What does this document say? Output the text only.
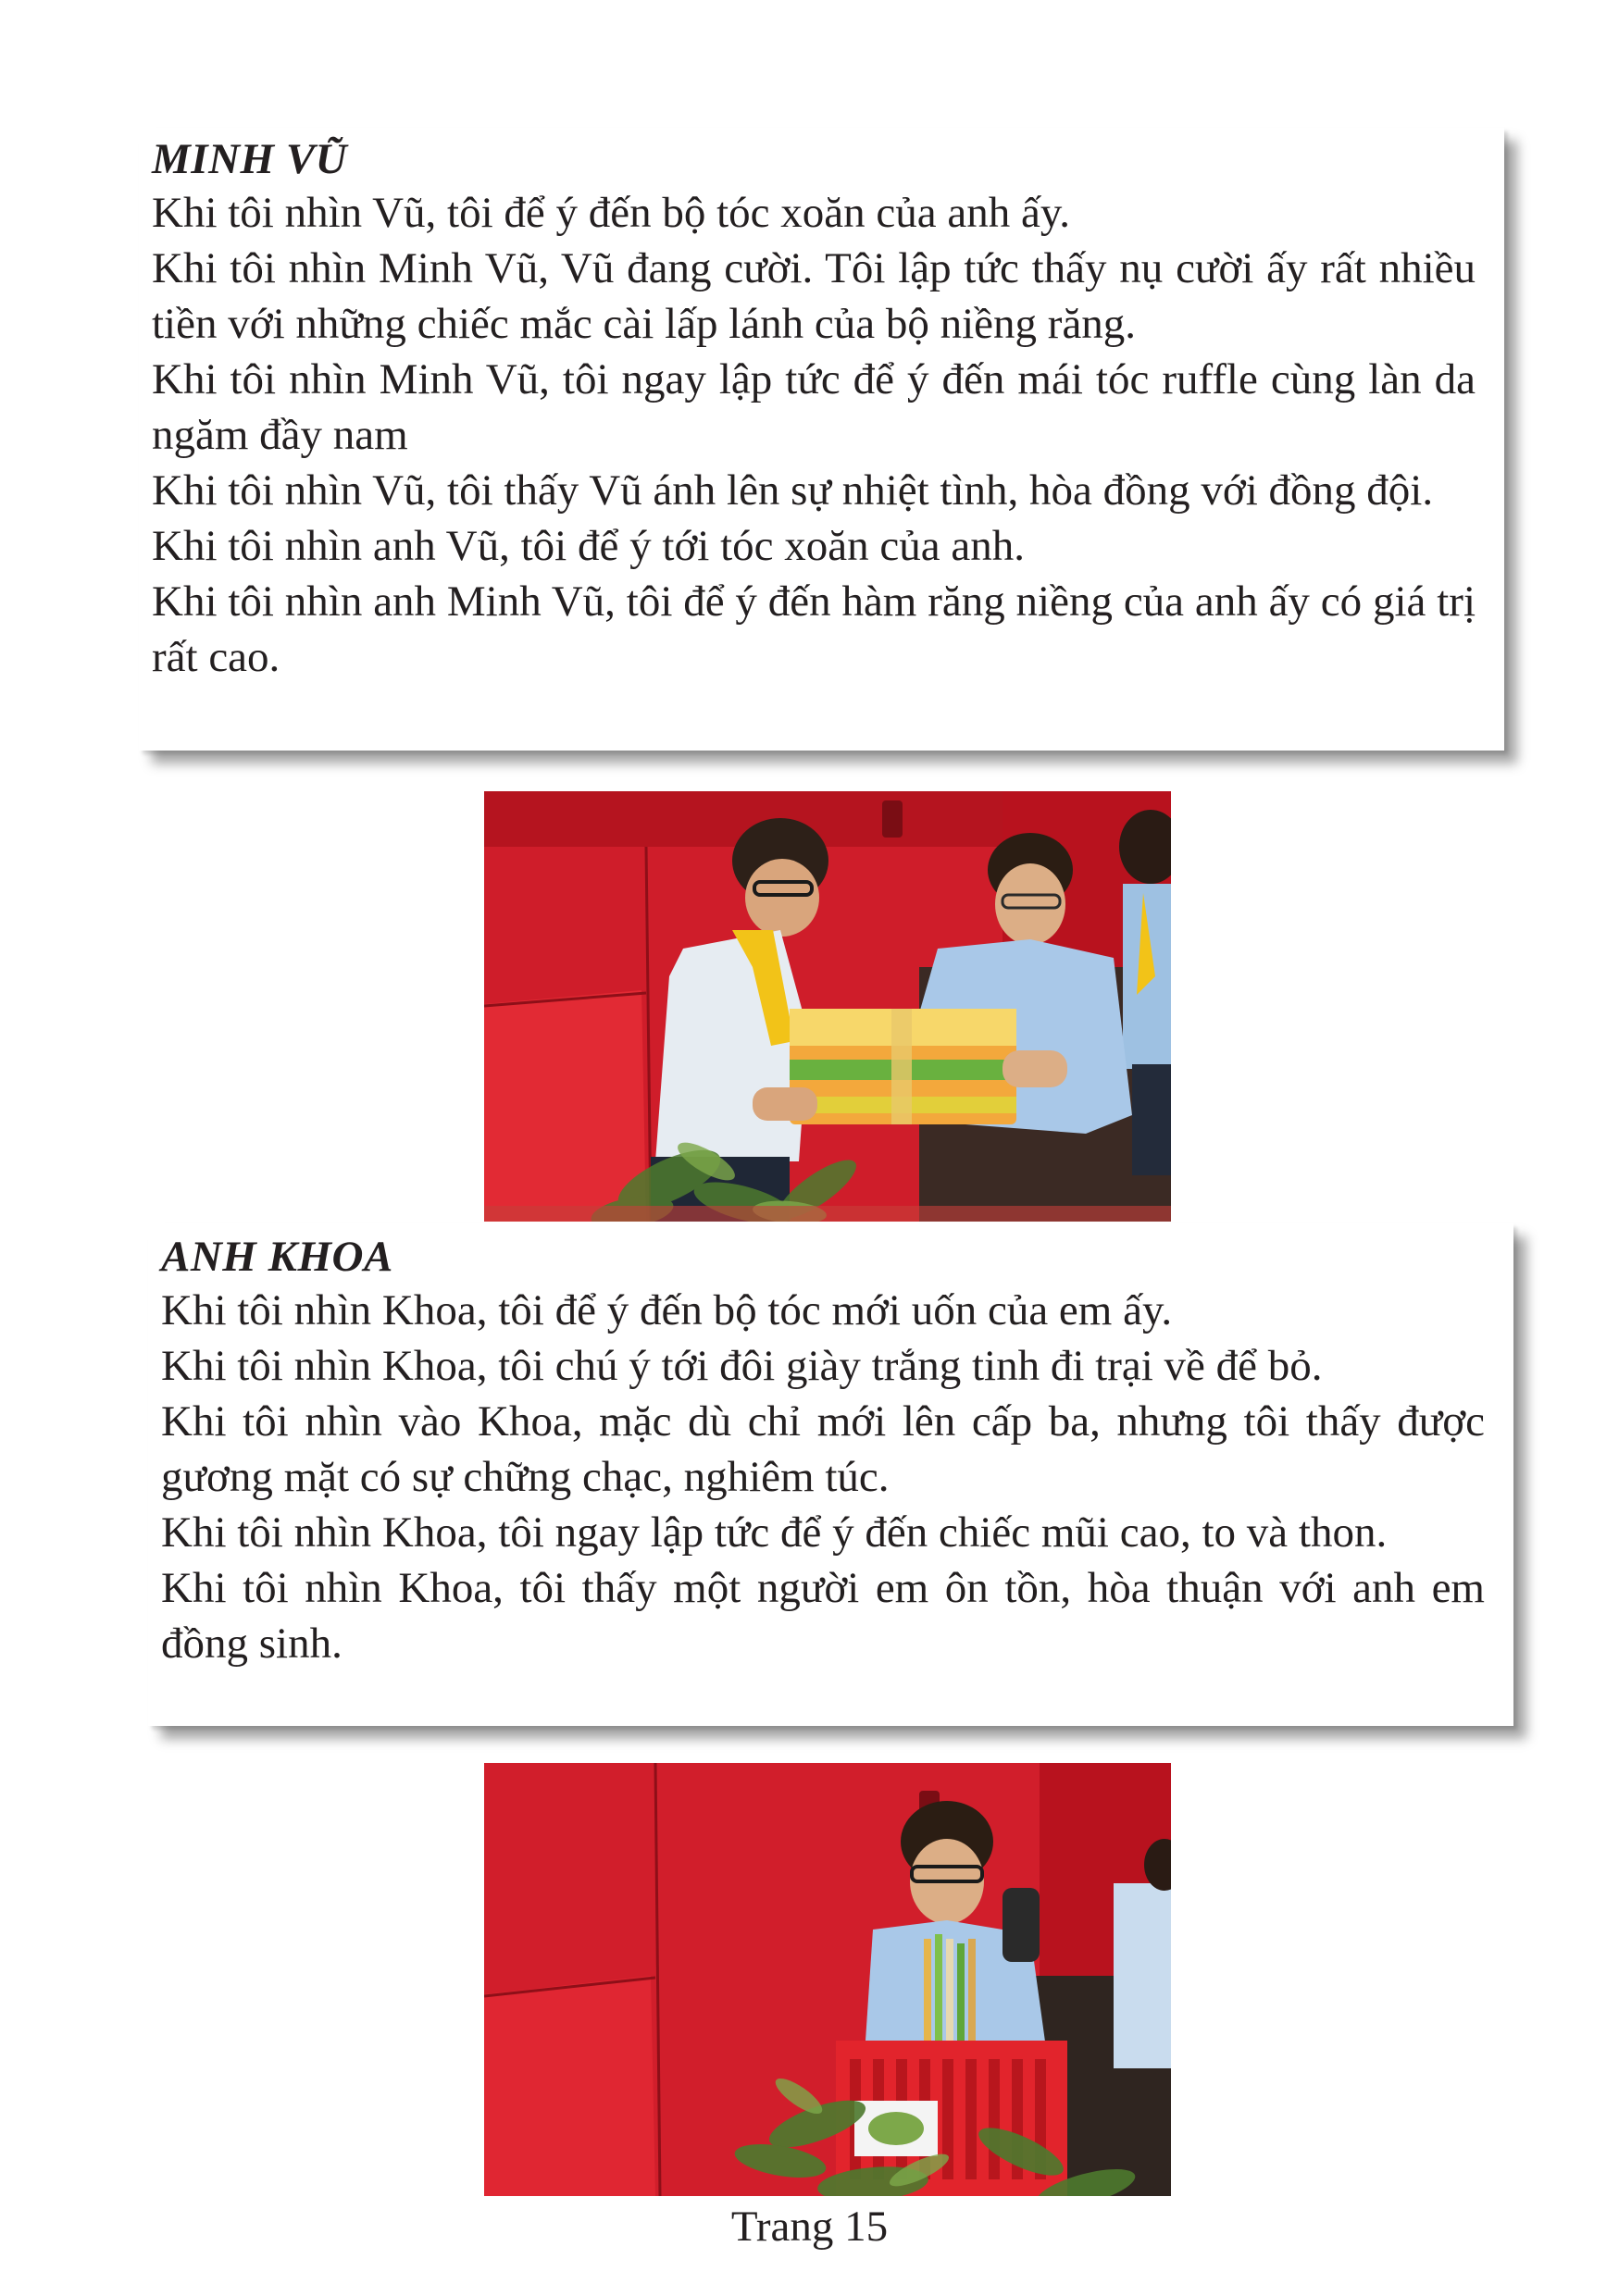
MINH VŨ

Khi tôi nhìn Vũ, tôi để ý đến bộ tóc xoăn của anh ấy.

Khi tôi nhìn Minh Vũ, Vũ đang cười. Tôi lập tức thấy nụ cười ấy rất nhiều tiền với những chiếc mắc cài lấp lánh của bộ niềng răng.

Khi tôi nhìn Minh Vũ, tôi ngay lập tức để ý đến mái tóc ruffle cùng làn da ngăm đầy nam

Khi tôi nhìn Vũ, tôi thấy Vũ ánh lên sự nhiệt tình, hòa đồng với đồng đội.

Khi tôi nhìn anh Vũ, tôi để ý tới tóc xoăn của anh.

Khi tôi nhìn anh Minh Vũ, tôi để ý đến hàm răng niềng của anh ấy có giá trị rất cao.

ANH KHOA

Khi tôi nhìn Khoa, tôi để ý đến bộ tóc mới uốn của em ấy.

Khi tôi nhìn Khoa, tôi chú ý tới đôi giày trắng tinh đi trại về để bỏ.

Khi tôi nhìn vào Khoa, mặc dù chỉ mới lên cấp ba, nhưng tôi thấy được gương mặt có sự chững chạc, nghiêm túc.

Khi tôi nhìn Khoa, tôi ngay lập tức để ý đến chiếc mũi cao, to và thon.

Khi tôi nhìn Khoa, tôi thấy một người em ôn tồn, hòa thuận với anh em đồng sinh.

Trang 15
